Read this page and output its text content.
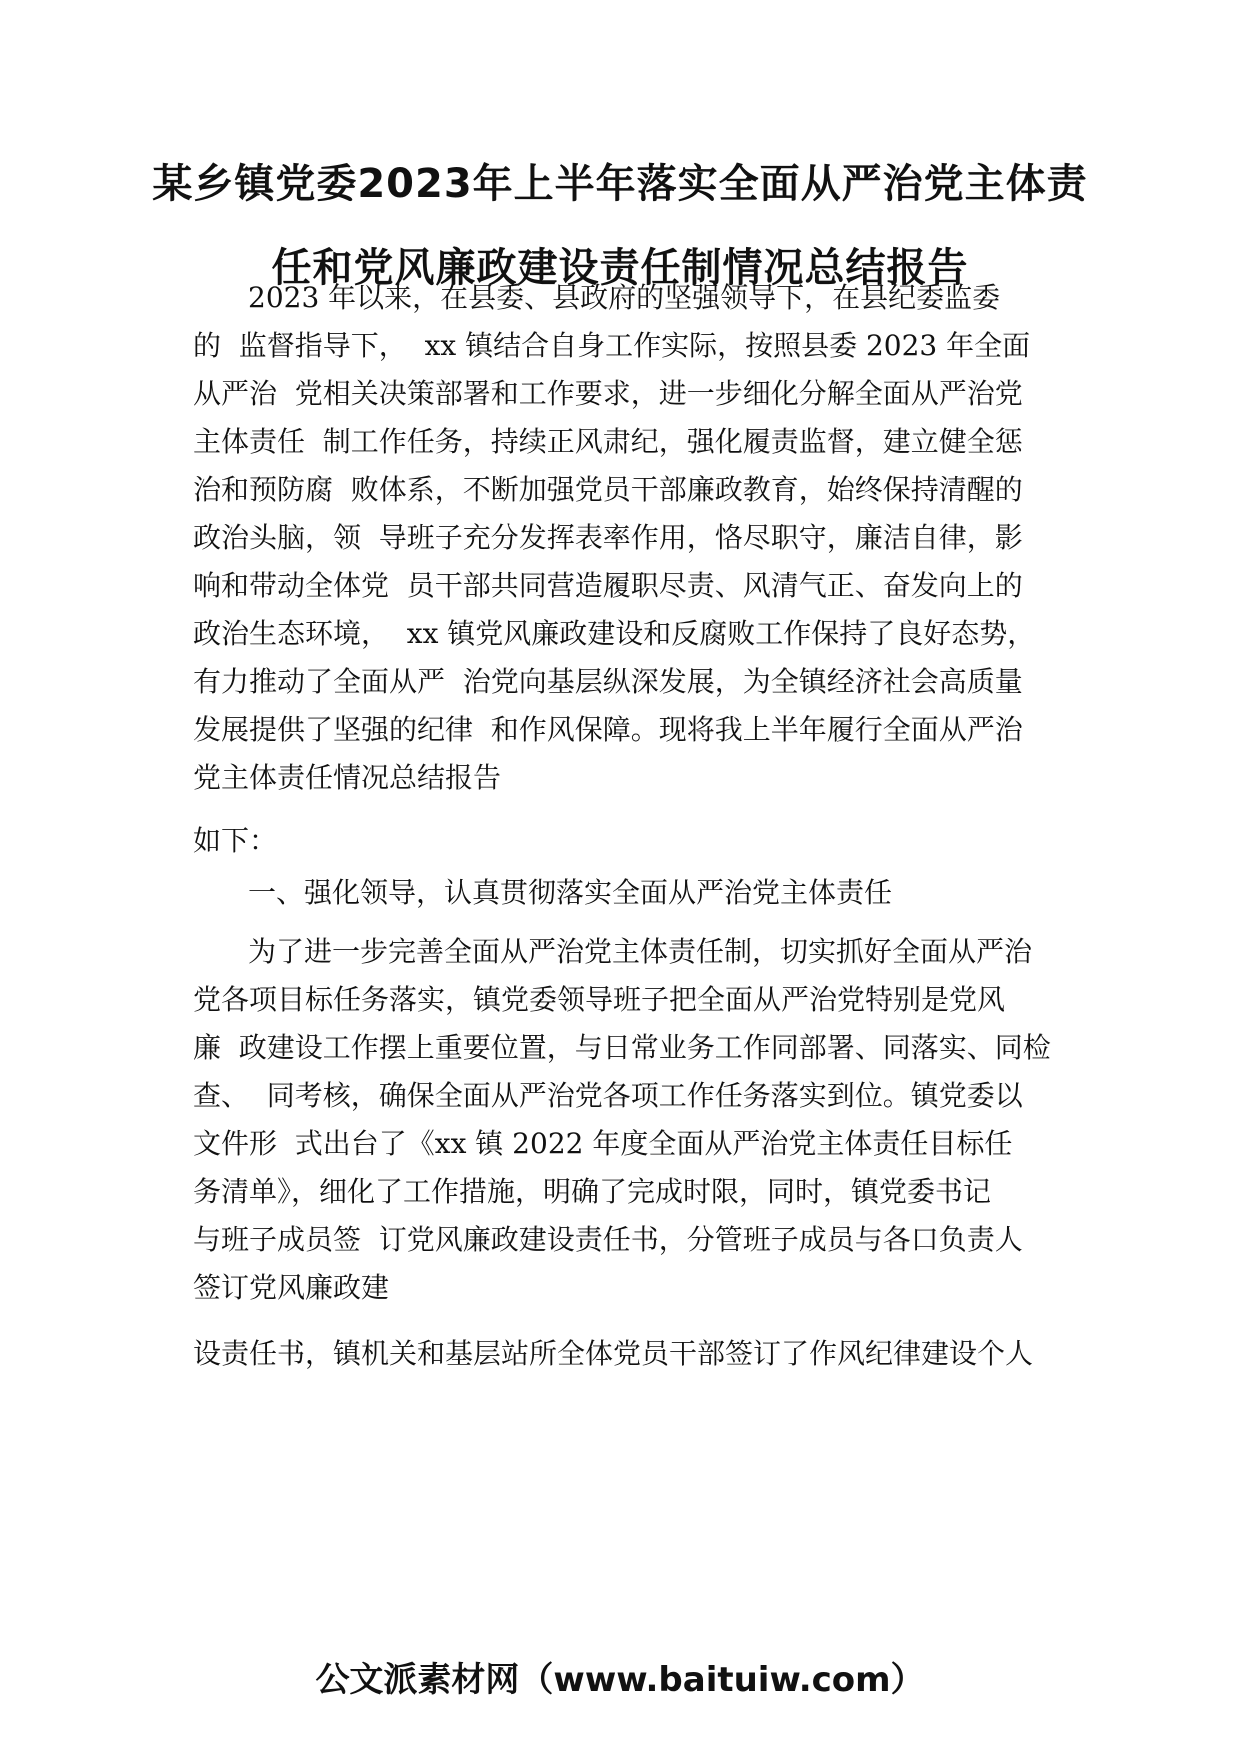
某乡镇党委2023年上半年落实全面从严治党主体责
任和党风廉政建设责任制情况总结报告
2023 年以来，在县委、县政府的坚强领导下，在县纪委监委
的  监督指导下，  xx 镇结合自身工作实际，按照县委 2023 年全面
从严治  党相关决策部署和工作要求，进一步细化分解全面从严治党
主体责任  制工作任务，持续正风肃纪，强化履责监督，建立健全惩
治和预防腐  败体系，不断加强党员干部廉政教育，始终保持清醒的
政治头脑，领  导班子充分发挥表率作用，恪尽职守，廉洁自律，影
响和带动全体党  员干部共同营造履职尽责、风清气正、奋发向上的
政治生态环境，  xx 镇党风廉政建设和反腐败工作保持了良好态势，
有力推动了全面从严  治党向基层纵深发展，为全镇经济社会高质量
发展提供了坚强的纪律  和作风保障。现将我上半年履行全面从严治
党主体责任情况总结报告
如下：
一、强化领导，认真贯彻落实全面从严治党主体责任
为了进一步完善全面从严治党主体责任制，切实抓好全面从严治
党各项目标任务落实，镇党委领导班子把全面从严治党特别是党风
廉  政建设工作摆上重要位置，与日常业务工作同部署、同落实、同检
查、  同考核，确保全面从严治党各项工作任务落实到位。镇党委以
文件形  式出台了《xx 镇 2022 年度全面从严治党主体责任目标任
务清单》，细化了工作措施，明确了完成时限，同时，镇党委书记
与班子成员签  订党风廉政建设责任书，分管班子成员与各口负责人
签订党风廉政建
设责任书，镇机关和基层站所全体党员干部签订了作风纪律建设个人
公文派素材网（www.baituiw.com）
